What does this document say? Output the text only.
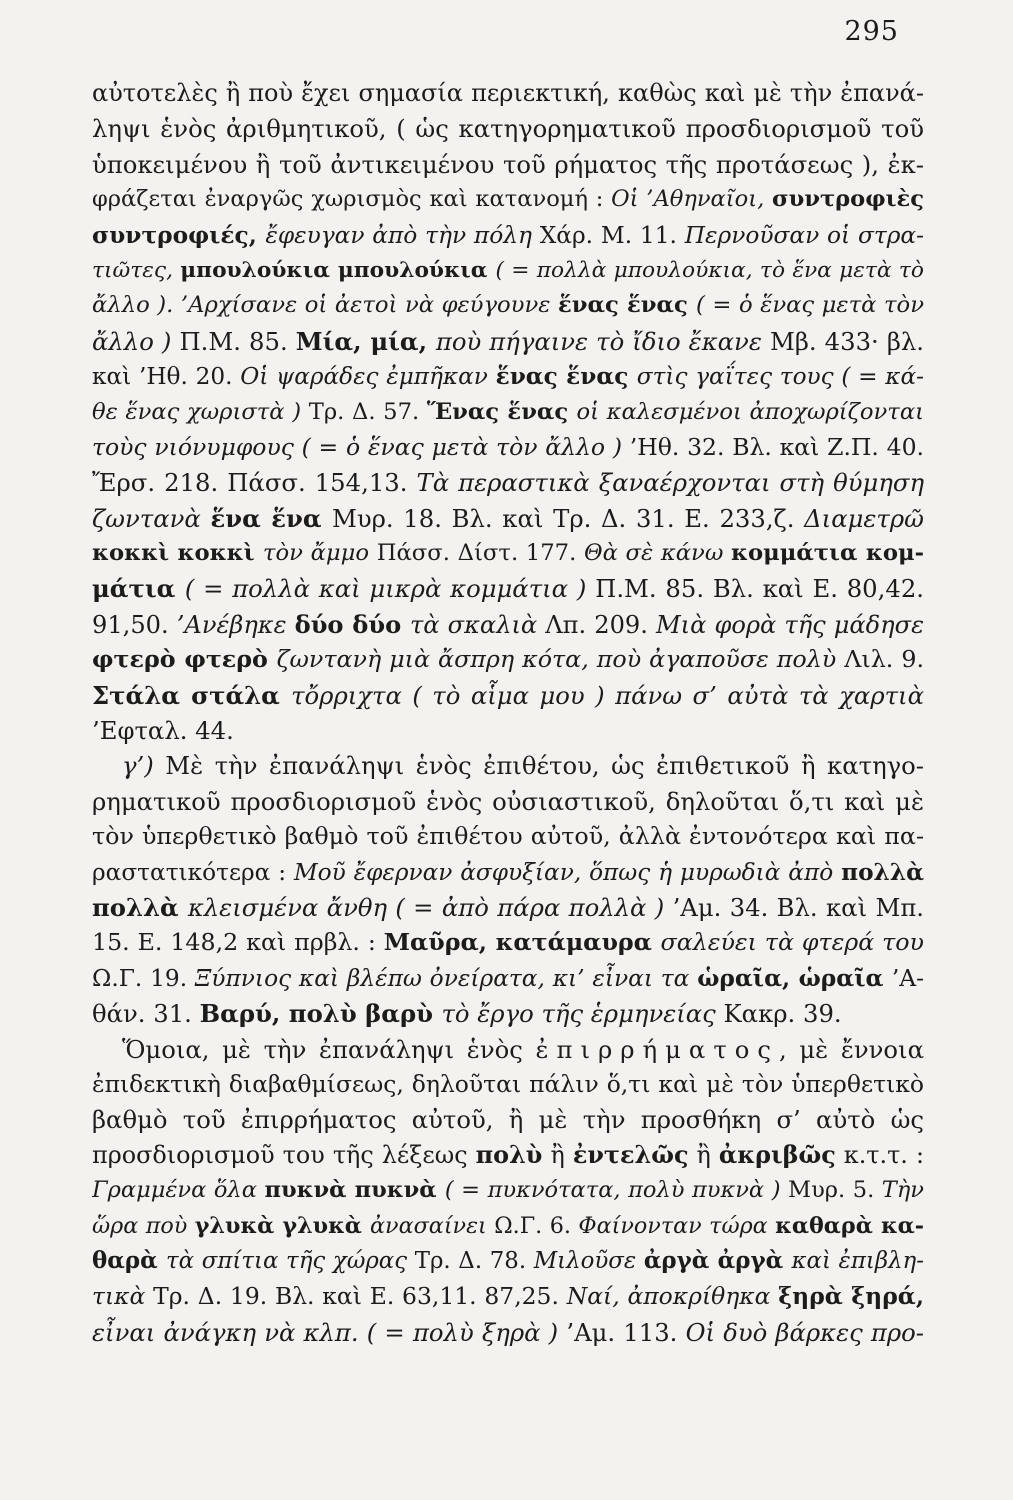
295
αὐτοτελὲς ἢ ποὺ ἔχει σημασία περιεκτική, καθὼς καὶ μὲ τὴν ἐπανά-
ληψι ἑνὸς ἀριθμητικοῦ, ( ὡς κατηγορηματικοῦ προσδιορισμοῦ τοῦ
ὑποκειμένου ἢ τοῦ ἀντικειμένου τοῦ ρήματος τῆς προτάσεως ), ἐκ-
φράζεται ἐναργῶς χωρισμὸς καὶ κατανομή : Οἱ ’Αθηναῖοι, συντροφιὲς
συντροφιές, ἔφευγαν ἀπὸ τὴν πόλη Χάρ. Μ. 11. Περνοῦσαν οἱ στρα-
τιῶτες, μπουλούκια μπουλούκια ( = πολλὰ μπουλούκια, τὸ ἕνα μετὰ τὸ
ἄλλο ). ’Αρχίσανε οἱ ἀετοὶ νὰ φεύγουνε ἕνας ἕνας ( = ὁ ἕνας μετὰ τὸν
ἄλλο ) Π.Μ. 85. Μία, μία, ποὺ πήγαινε τὸ ἴδιο ἔκανε Μβ. 433· βλ.
καὶ ’Ηθ. 20. Οἱ ψαράδες ἐμπῆκαν ἕνας ἕνας στὶς γαΐτες τους ( = κά-
θε ἕνας χωριστὰ ) Τρ. Δ. 57. Ἕνας ἕνας οἱ καλεσμένοι ἀποχωρίζονται
τοὺς νιόνυμφους ( = ὁ ἕνας μετὰ τὸν ἄλλο ) ’Ηθ. 32. Βλ. καὶ Ζ.Π. 40.
Ἔρσ. 218. Πάσσ. 154,13. Τὰ περαστικὰ ξαναέρχονται στὴ θύμηση
ζωντανὰ ἕνα ἕνα Μυρ. 18. Βλ. καὶ Τρ. Δ. 31. Ε. 233,ζ. Διαμετρῶ
κοκκὶ κοκκὶ τὸν ἄμμο Πάσσ. Δίστ. 177. Θὰ σὲ κάνω κομμάτια κομ-
μάτια ( = πολλὰ καὶ μικρὰ κομμάτια ) Π.Μ. 85. Βλ. καὶ Ε. 80,42.
91,50. ’Ανέβηκε δύο δύο τὰ σκαλιὰ Λπ. 209. Μιὰ φορὰ τῆς μάδησε
φτερὸ φτερὸ ζωντανὴ μιὰ ἄσπρη κότα, ποὺ ἀγαποῦσε πολὺ Λιλ. 9.
Στάλα στάλα τὄρριχτα ( τὸ αἷμα μου ) πάνω σ’ αὐτὰ τὰ χαρτιὰ
’Εφταλ. 44.
γ’) Μὲ τὴν ἐπανάληψι ἑνὸς ἐπιθέτου, ὡς ἐπιθετικοῦ ἢ κατηγο-
ρηματικοῦ προσδιορισμοῦ ἑνὸς οὐσιαστικοῦ, δηλοῦται ὅ,τι καὶ μὲ
τὸν ὑπερθετικὸ βαθμὸ τοῦ ἐπιθέτου αὐτοῦ, ἀλλὰ ἐντονότερα καὶ πα-
ραστατικότερα : Μοῦ ἔφερναν ἀσφυξίαν, ὅπως ἡ μυρωδιὰ ἀπὸ πολλὰ
πολλὰ κλεισμένα ἄνθη ( = ἀπὸ πάρα πολλὰ ) ’Αμ. 34. Βλ. καὶ Μπ.
15. Ε. 148,2 καὶ πρβλ. : Μαῦρα, κατάμαυρα σαλεύει τὰ φτερά του
Ω.Γ. 19. Ξύπνιος καὶ βλέπω ὀνείρατα, κι’ εἶναι τα ὡραῖα, ὡραῖα ’Α-
θάν. 31. Βαρύ, πολὺ βαρὺ τὸ ἔργο τῆς ἑρμηνείας Κακρ. 39.
Ὅμοια, μὲ τὴν ἐπανάληψι ἑνὸς ἐπιρρήματος, μὲ ἔννοια
ἐπιδεκτικὴ διαβαθμίσεως, δηλοῦται πάλιν ὅ,τι καὶ μὲ τὸν ὑπερθετικὸ
βαθμὸ τοῦ ἐπιρρήματος αὐτοῦ, ἢ μὲ τὴν προσθήκη σ’ αὐτὸ ὡς
προσδιορισμοῦ του τῆς λέξεως πολὺ ἢ ἐντελῶς ἢ ἀκριβῶς κ.τ.τ. :
Γραμμένα ὅλα πυκνὰ πυκνὰ ( = πυκνότατα, πολὺ πυκνὰ ) Μυρ. 5. Τὴν
ὥρα ποὺ γλυκὰ γλυκὰ ἀνασαίνει Ω.Γ. 6. Φαίνονταν τώρα καθαρὰ κα-
θαρὰ τὰ σπίτια τῆς χώρας Τρ. Δ. 78. Μιλοῦσε ἀργὰ ἀργὰ καὶ ἐπιβλη-
τικὰ Τρ. Δ. 19. Βλ. καὶ Ε. 63,11. 87,25. Ναί, ἀποκρίθηκα ξηρὰ ξηρά,
εἶναι ἀνάγκη νὰ κλπ. ( = πολὺ ξηρὰ ) ’Αμ. 113. Οἱ δυὸ βάρκες προ-
